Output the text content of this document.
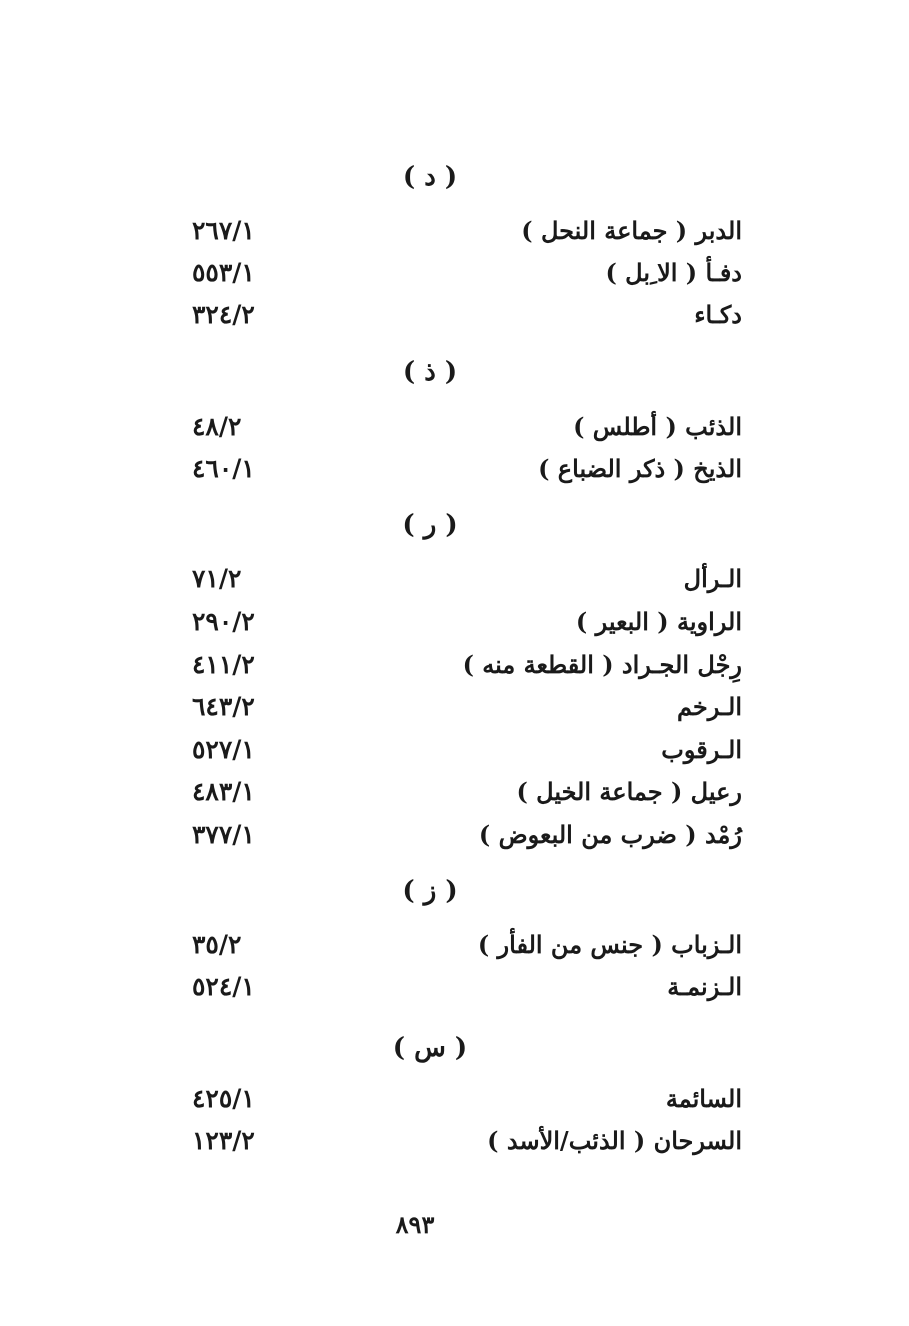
( د )
الدبر ( جماعة النحل )
٢٦٧/١
دفـأ ( الا ِبل )
٥٥٣/١
دكـاء
٣٢٤/٢
( ذ )
الذئب ( أطلس )
٤٨/٢
الذيخ ( ذكر الضباع )
٤٦٠/١
( ر )
الـرأل
٧١/٢
الراوية ( البعير )
٢٩٠/٢
رِجْل الجـراد ( القطعة منه )
٤١١/٢
الـرخم
٦٤٣/٢
الـرقوب
٥٢٧/١
رعيل ( جماعة الخيل )
٤٨٣/١
رُمْد ( ضرب من البعوض )
٣٧٧/١
( ز )
الـزباب ( جنس من الفأر )
٣٥/٢
الـزنمـة
٥٢٤/١
( س )
السائمة
٤٢٥/١
السرحان ( الذئب/الأسد )
١٢٣/٢
٨٩٣
